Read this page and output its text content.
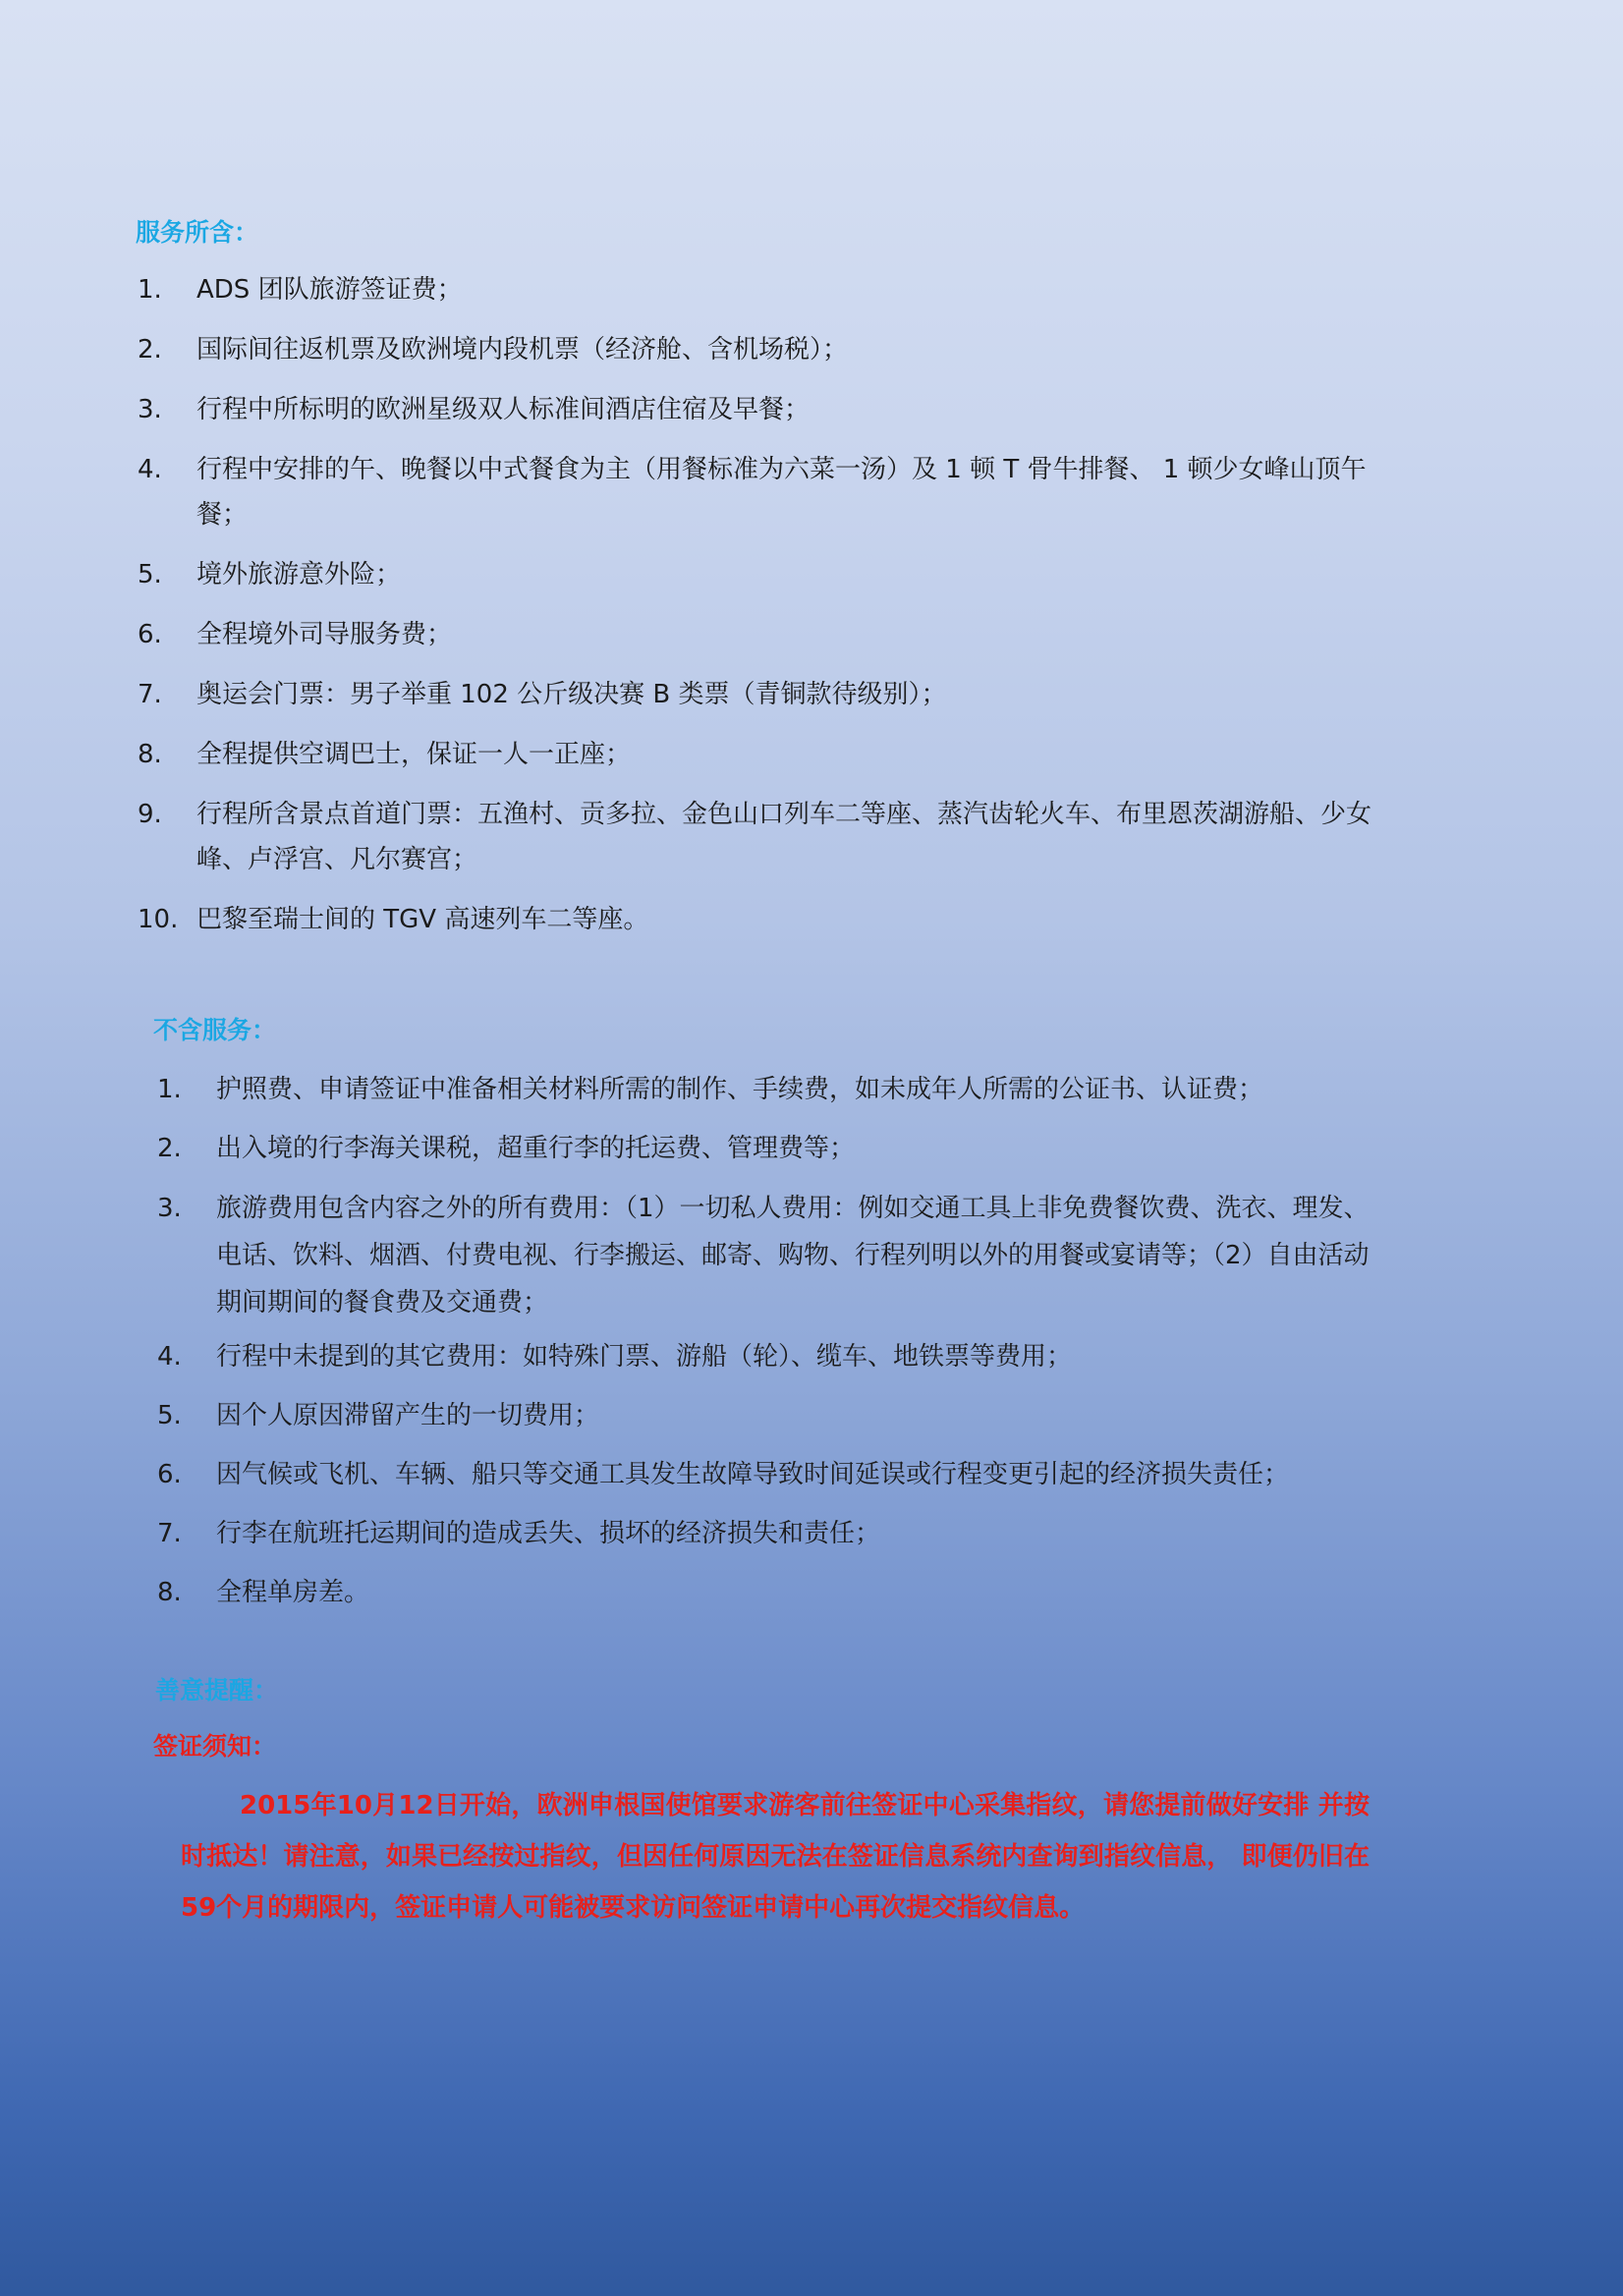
服务所含：
1. ADS 团队旅游签证费；
2. 国际间往返机票及欧洲境内段机票（经济舱、含机场税）；
3. 行程中所标明的欧洲星级双人标准间酒店住宿及早餐；
4. 行程中安排的午、晚餐以中式餐食为主（用餐标准为六菜一汤）及 1 顿 T 骨牛排餐、 1 顿少女峰山顶午餐；
5. 境外旅游意外险；
6. 全程境外司导服务费；
7. 奥运会门票：男子举重 102 公斤级决赛 B 类票（青铜款待级别）；
8. 全程提供空调巴士，保证一人一正座；
9. 行程所含景点首道门票：五渔村、贡多拉、金色山口列车二等座、蒸汽齿轮火车、布里恩茨湖游船、少女峰、卢浮宫、凡尔赛宫；
10. 巴黎至瑞士间的 TGV 高速列车二等座。
不含服务：
1. 护照费、申请签证中准备相关材料所需的制作、手续费，如未成年人所需的公证书、认证费；
2. 出入境的行李海关课税，超重行李的托运费、管理费等；
3. 旅游费用包含内容之外的所有费用：（1）一切私人费用：例如交通工具上非免费餐饮费、洗衣、理发、电话、饮料、烟酒、付费电视、行李搬运、邮寄、购物、行程列明以外的用餐或宴请等；（2）自由活动期间期间的餐食费及交通费；
4. 行程中未提到的其它费用：如特殊门票、游船（轮）、缆车、地铁票等费用；
5. 因个人原因滞留产生的一切费用；
6. 因气候或飞机、车辆、船只等交通工具发生故障导致时间延误或行程变更引起的经济损失责任；
7. 行李在航班托运期间的造成丢失、损坏的经济损失和责任；
8. 全程单房差。
善意提醒：
签证须知：

2015年10月12日开始，欧洲申根国使馆要求游客前往签证中心采集指纹，请您提前做好安排 并按时抵达！请注意，如果已经按过指纹，但因任何原因无法在签证信息系统内查询到指纹信息， 即便仍旧在59个月的期限内，签证申请人可能被要求访问签证申请中心再次提交指纹信息。
